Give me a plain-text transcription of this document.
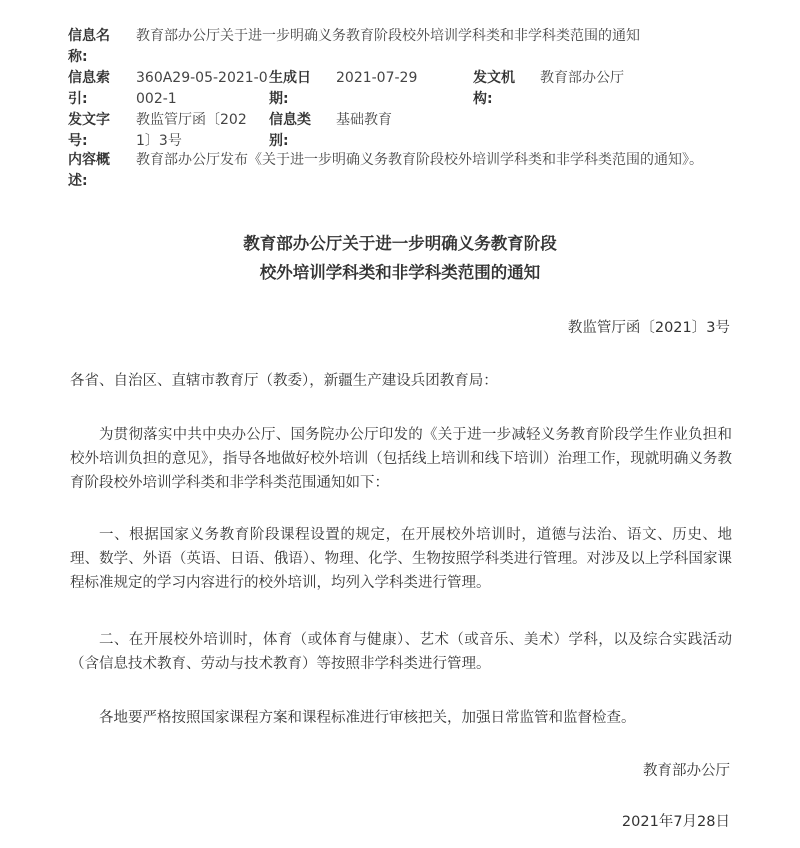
信息名称:
教育部办公厅关于进一步明确义务教育阶段校外培训学科类和非学科类范围的通知
信息索引:
360A29-05-2021-0002-1
生成日期:
2021-07-29	发文机构:
教育部办公厅
发文字号:
教监管厅函〔2021〕3号
信息类别:
基础教育
内容概述:
教育部办公厅发布《关于进一步明确义务教育阶段校外培训学科类和非学科类范围的通知》。
教育部办公厅关于进一步明确义务教育阶段
校外培训学科类和非学科类范围的通知
教监管厅函〔2021〕3号
各省、自治区、直辖市教育厅（教委），新疆生产建设兵团教育局：

为贯彻落实中共中央办公厅、国务院办公厅印发的《关于进一步减轻义务教育阶段学生作业负担和校外培训负担的意见》，指导各地做好校外培训（包括线上培训和线下培训）治理工作，现就明确义务教育阶段校外培训学科类和非学科类范围通知如下：

一、根据国家义务教育阶段课程设置的规定，在开展校外培训时，道德与法治、语文、历史、地理、数学、外语（英语、日语、俄语）、物理、化学、生物按照学科类进行管理。对涉及以上学科国家课程标准规定的学习内容进行的校外培训，均列入学科类进行管理。

二、在开展校外培训时，体育（或体育与健康）、艺术（或音乐、美术）学科，以及综合实践活动（含信息技术教育、劳动与技术教育）等按照非学科类进行管理。

各地要严格按照国家课程方案和课程标准进行审核把关，加强日常监管和监督检查。

教育部办公厅
2021年7月28日
